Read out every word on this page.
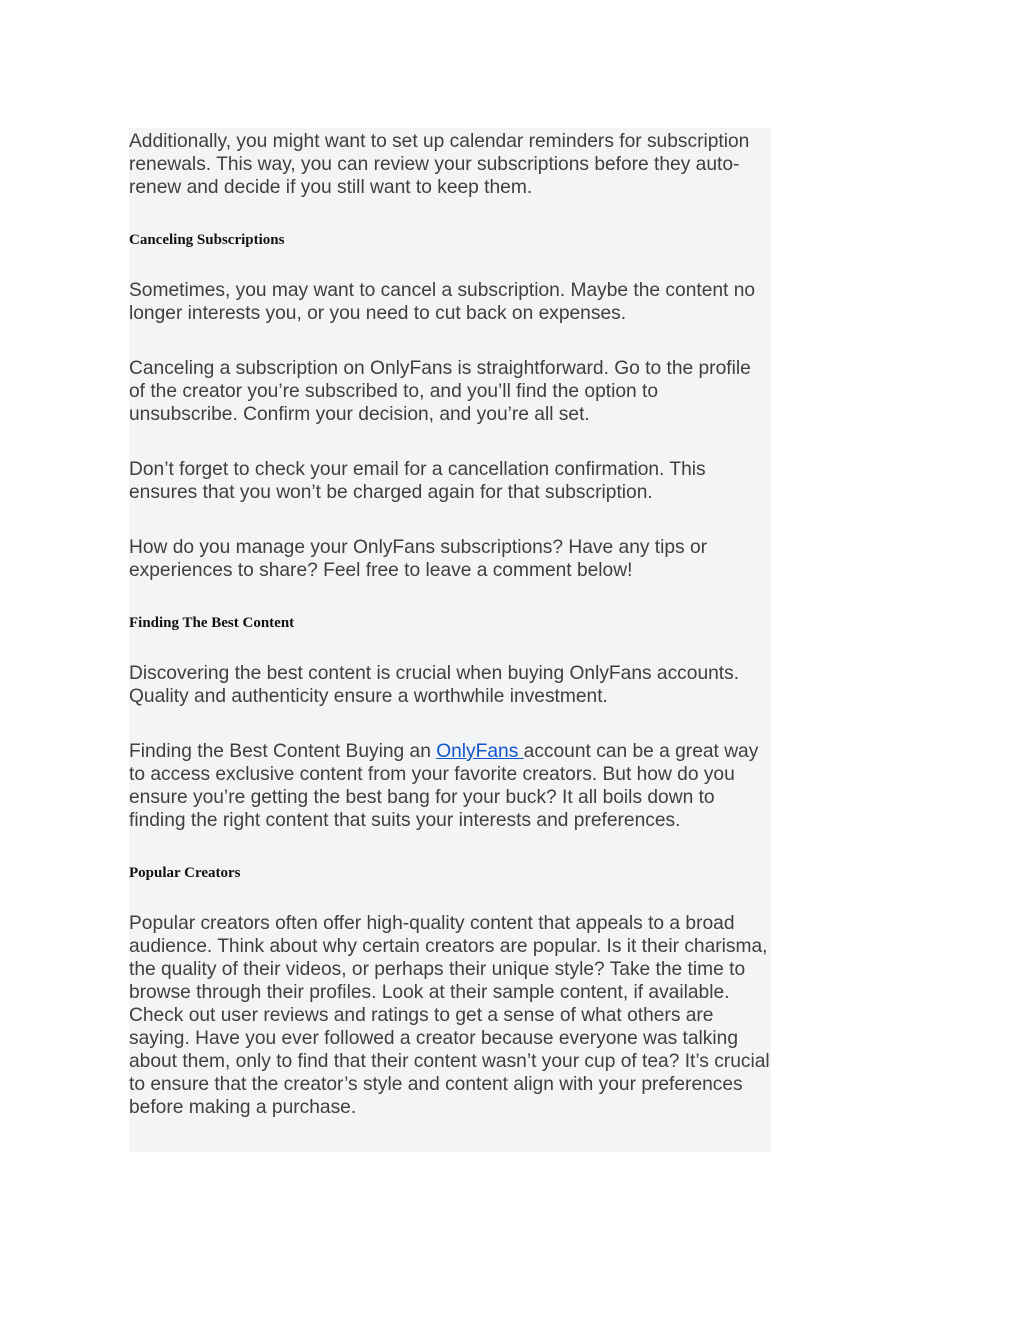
Additionally, you might want to set up calendar reminders for subscription renewals. This way, you can review your subscriptions before they auto-renew and decide if you still want to keep them.

Canceling Subscriptions

Sometimes, you may want to cancel a subscription. Maybe the content no longer interests you, or you need to cut back on expenses.

Canceling a subscription on OnlyFans is straightforward. Go to the profile of the creator you’re subscribed to, and you’ll find the option to unsubscribe. Confirm your decision, and you’re all set.

Don’t forget to check your email for a cancellation confirmation. This ensures that you won’t be charged again for that subscription.

How do you manage your OnlyFans subscriptions? Have any tips or experiences to share? Feel free to leave a comment below!

Finding The Best Content

Discovering the best content is crucial when buying OnlyFans accounts. Quality and authenticity ensure a worthwhile investment.

Finding the Best Content Buying an OnlyFans account can be a great way to access exclusive content from your favorite creators. But how do you ensure you’re getting the best bang for your buck? It all boils down to finding the right content that suits your interests and preferences.

Popular Creators

Popular creators often offer high-quality content that appeals to a broad audience. Think about why certain creators are popular. Is it their charisma, the quality of their videos, or perhaps their unique style? Take the time to browse through their profiles. Look at their sample content, if available. Check out user reviews and ratings to get a sense of what others are saying. Have you ever followed a creator because everyone was talking about them, only to find that their content wasn’t your cup of tea? It’s crucial to ensure that the creator’s style and content align with your preferences before making a purchase.
